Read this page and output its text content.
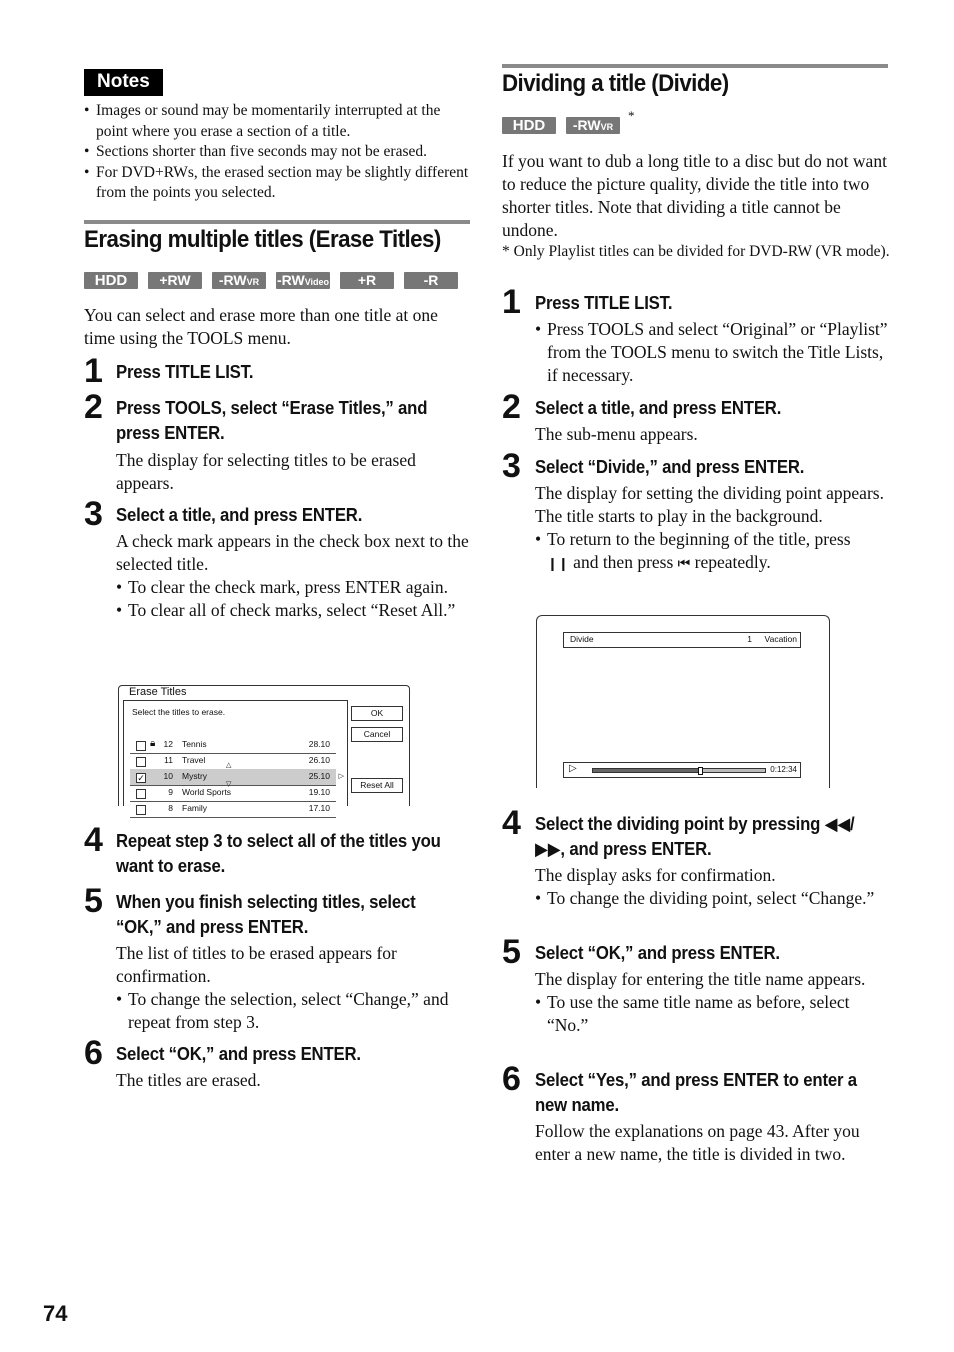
Notes
• Images or sound may be momentarily interrupted at the point where you erase a section of a title.
• Sections shorter than five seconds may not be erased.
• For DVD+RWs, the erased section may be slightly different from the points you selected.
Erasing multiple titles (Erase Titles)
HDD	+RW	-RWVR	-RWVideo	+R	-R
You can select and erase more than one title at one time using the TOOLS menu.
1 Press TITLE LIST.
2 Press TOOLS, select “Erase Titles,” and press ENTER.
The display for selecting titles to be erased appears.
3 Select a title, and press ENTER.
A check mark appears in the check box next to the selected title.
• To clear the check mark, press ENTER again.
• To clear all of check marks, select “Reset All.”
Erase Titles
Select the titles to erase.
🔒︎ 12 Tennis	28.10
11 Travel	26.10
✓	10 Mystry	25.10
△
▽
▷
9 World Sports	19.10
8 Family	17.10
OK
Cancel
Reset All
4 Repeat step 3 to select all of the titles you want to erase.
5 When you finish selecting titles, select “OK,” and press ENTER.
The list of titles to be erased appears for confirmation.
• To change the selection, select “Change,” and repeat from step 3.
6 Select “OK,” and press ENTER.
The titles are erased.
Dividing a title (Divide)
HDD	-RWVR
*
If you want to dub a long title to a disc but do not want to reduce the picture quality, divide the title into two shorter titles. Note that dividing a title cannot be undone.
* Only Playlist titles can be divided for DVD-RW (VR mode).
1 Press TITLE LIST.
• Press TOOLS and select “Original” or “Playlist” from the TOOLS menu to switch the Title Lists, if necessary.
2 Select a title, and press ENTER.
The sub-menu appears.
3 Select “Divide,” and press ENTER.
The display for setting the dividing point appears. The title starts to play in the background.
• To return to the beginning of the title, press
❙❙ and then press ⏮ repeatedly.
Divide	1 Vacation
▷	0:12:34
4 Select the dividing point by pressing ◀◀/
▶▶, and press ENTER.
The display asks for confirmation.
• To change the dividing point, select “Change.”
5 Select “OK,” and press ENTER.
The display for entering the title name appears.
• To use the same title name as before, select “No.”
6 Select “Yes,” and press ENTER to enter a new name.
Follow the explanations on page 43. After you enter a new name, the title is divided in two.
74
